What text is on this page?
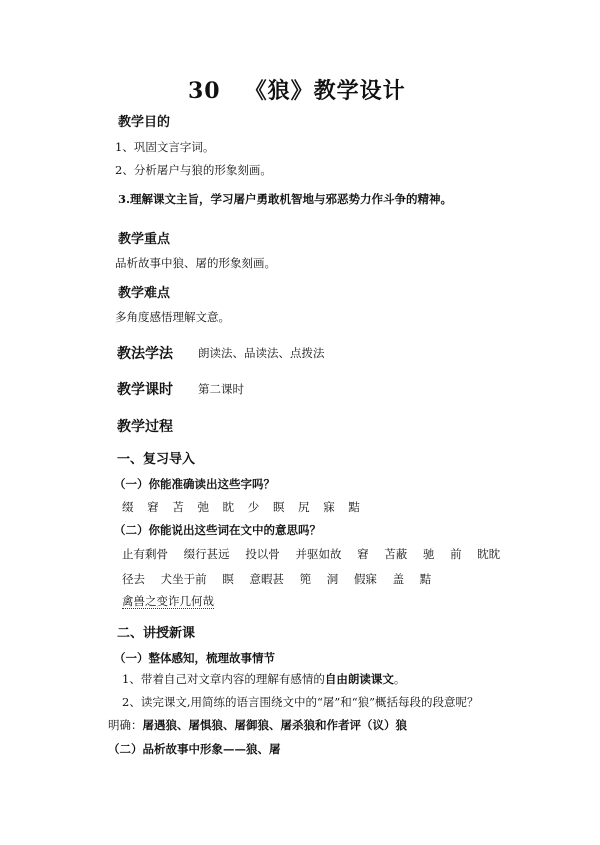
30 《狼》教学设计
教学目的
1、巩固文言字词。
2、分析屠户与狼的形象刻画。
3.理解课文主旨，学习屠户勇敢机智地与邪恶势力作斗争的精神。
教学重点
品析故事中狼、屠的形象刻画。
教学难点
多角度感悟理解文意。
教法学法 朗读法、品读法、点拨法
教学课时 第二课时
教学过程
一、复习导入
（一）你能准确读出这些字吗？
缀 窘 苫 弛 眈 少 瞑 尻 寐 黠
（二）你能说出这些词在文中的意思吗？
止有剩骨 缀行甚远 投以骨 并驱如故 窘 苫蔽 驰 前 眈眈
径去 犬坐于前 瞑 意暇甚 篼 洞 假寐 盖 黠
禽兽之变诈几何哉
二、讲授新课
（一）整体感知，梳理故事情节
1、带着自己对文章内容的理解有感情的自由朗读课文。
2、读完课文,用简练的语言围绕文中的“屠”和“狼”概括每段的段意呢？
明确：屠遇狼、屠惧狼、屠御狼、屠杀狼和作者评（议）狼
（二）品析故事中形象——狼、屠
